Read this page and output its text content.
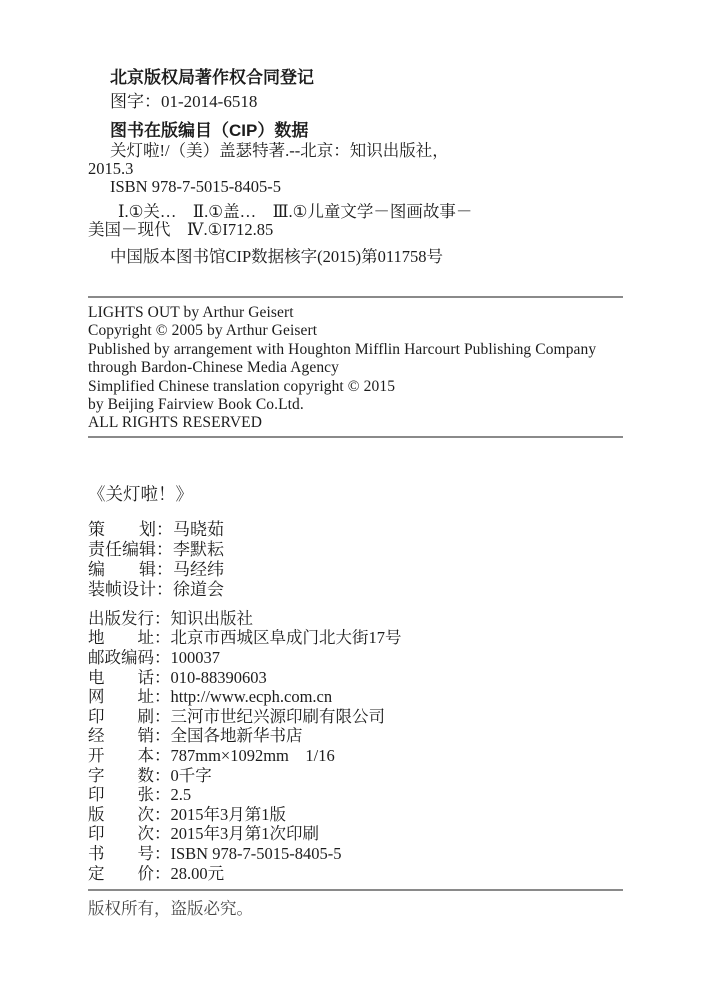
北京版权局著作权合同登记
图字：01-2014-6518
图书在版编目（CIP）数据
关灯啦!/（美）盖瑟特著.--北京：知识出版社，
2015.3
ISBN 978-7-5015-8405-5
Ⅰ.①关…　Ⅱ.①盖…　Ⅲ.①儿童文学－图画故事－
美国－现代　Ⅳ.①I712.85
中国版本图书馆CIP数据核字(2015)第011758号
LIGHTS OUT by Arthur Geisert
Copyright © 2005 by Arthur Geisert
Published by arrangement with Houghton Mifflin Harcourt Publishing Company
through Bardon-Chinese Media Agency
Simplified Chinese translation copyright © 2015
by Beijing Fairview Book Co.Ltd.
ALL RIGHTS RESERVED
《关灯啦！》
策　　划：马晓茹
责任编辑：李默耘
编　　辑：马经纬
装帧设计：徐道会
出版发行：知识出版社
地　　址：北京市西城区阜成门北大街17号
邮政编码：100037
电　　话：010-88390603
网　　址：http://www.ecph.com.cn
印　　刷：三河市世纪兴源印刷有限公司
经　　销：全国各地新华书店
开　　本：787mm×1092mm　1/16
字　　数：0千字
印　　张：2.5
版　　次：2015年3月第1版
印　　次：2015年3月第1次印刷
书　　号：ISBN 978-7-5015-8405-5
定　　价：28.00元
版权所有，盗版必究。
